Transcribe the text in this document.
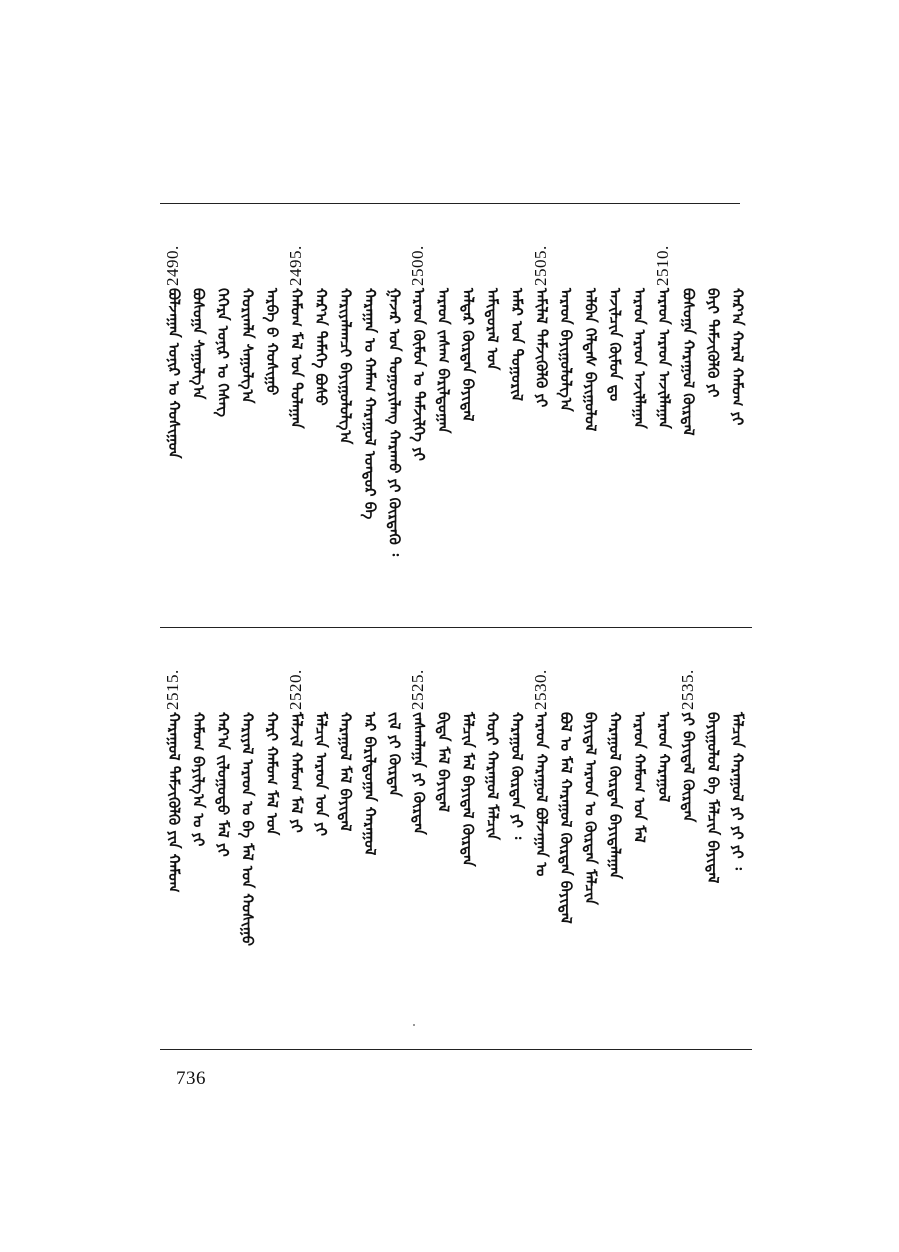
2490.
ᠪᠣᠯᠵᠠᠭᠠᠨ ᠣᠨᠢᠷ ᠤ ᠬᠣᠰᠢᠭᠤᠨ ᠪᠣᠰᠣᠭᠠ ᠰᠠᠭᠤᠯᠭ᠎ᠠ ᠬᠡᠭᠡᠷᠡ ᠣᠨᠢᠷ ᠤ ᠬᠡᠰᠡᠭ ᠬᠣᠷᠢᠭᠯᠠ ᠰᠠᠭᠤᠯᠭ᠎ᠠ ᠠᠷᠪᠠ ᠪ ᠬᠣᠰᠢᠭᠤ
2495.
ᠬᠠᠮᠤᠭ ᠮᠠᠯ ᠤᠨ ᠳᠤᠯᠠᠭᠠᠨ ᠬᠠᠷ᠎ᠠ ᠲᠡᠮᠡᠭᠡ ᠪᠣᠰᠤ ᠬᠠᠷᠢᠶᠠᠯᠠᠭᠴᠢ ᠪᠠᠶᠢᠭᠤᠯᠤᠯᠭ᠎ᠠ ᠬᠠᠷᠠᠭᠠᠨ ᠤ ᠬᠠᠮᠠᠭ ᠬᠠᠷᠠᠭᠤᠯ ᠤᠨᠳᠤᠷ ᠪᠠ ᠭᠠᠵᠠᠷ ᠤᠨ ᠳᠤᠭᠤᠶᠢᠯᠠᠩ ᠬᠠᠷᠠᠬᠤ ᠶᠢ ᠬᠦᠷᠳᠡᠬᠦ ᠄
2500.
ᠠᠷᠠᠳ ᠬᠦᠮᠦᠨ ᠤ ᠳᠡᠮᠵᠢᠯᠭᠡ ᠶᠢ ᠠᠷᠠᠳ ᠵᠠᠰᠠᠭ ᠪᠠᠷᠢᠯᠳᠤᠭᠠᠨ ᠠᠯᠳᠠᠷ ᠬᠦᠷᠳᠡᠨ ᠪᠠᠶᠢᠳᠠᠯ ᠠᠮᠢᠳᠤᠷᠠᠯ ᠤᠨ ᠠᠮᠠᠷ ᠤᠨ ᠲᠤᠭᠤᠷᠢᠯ
2505.
ᠠᠮᠢᠯᠠᠯ ᠳᠡᠮᠵᠢᠭᠦᠯᠬᠦ ᠶᠢ ᠠᠷᠠᠳ ᠪᠠᠶᠢᠭᠤᠯᠤᠯᠭ᠎ᠠ ᠠᠯᠪᠠᠨ ᠬᠡᠯᠲᠡᠰ ᠪᠠᠶᠢᠭᠤᠯᠤᠯ ᠠᠵᠢᠯᠴᠢᠨ ᠬᠦᠮᠦᠨ ᠳᠤ ᠠᠷᠠᠳ ᠠᠷᠠᠳ ᠠᠵᠢᠯᠯᠠᠭᠠᠨ
2510.
ᠠᠷᠠᠳ ᠠᠷᠠᠳ ᠠᠵᠢᠯᠯᠠᠭᠠᠨ ᠪᠣᠰᠣᠭᠠ ᠬᠠᠷᠠᠭᠤᠯ ᠬᠦᠷᠲᠡᠯ ᠪᠠᠶᠢ ᠳᠡᠮᠵᠢᠭᠦᠯᠬᠦ ᠶᠢ ᠬᠠᠷ᠎ᠠ ᠬᠠᠷᠠᠯ ᠬᠠᠮᠤᠭ ᠶᠢ
2515.
ᠬᠠᠷᠠᠭᠤᠯ ᠳᠡᠮᠵᠢᠭᠦᠯᠬᠦ ᠶᠢᠨ ᠬᠠᠮᠤᠭ ᠬᠠᠮᠤᠭ ᠪᠠᠶᠢᠯᠭ᠎ᠠ ᠤ ᠶᠢ ᠬᠠᠷ᠎ᠠ ᠵᠢᠯᠤᠭᠤᠳᠤ ᠮᠠᠯ ᠶᠢ ᠬᠠᠷᠢᠶᠠᠯ ᠠᠷᠠᠳ ᠤ ᠪᠠ ᠮᠠᠯ ᠤᠨ ᠬᠤᠰᠢᠭᠤ ᠬᠠᠷᠢ ᠬᠠᠮᠤᠭ ᠮᠠᠯ ᠤᠨ
2520.
ᠮᠠᠯᠵᠢᠯ ᠬᠠᠮᠤᠭ ᠮᠠᠯ ᠶᠢ ᠮᠠᠯᠴᠢᠨ ᠠᠷᠠᠳ ᠤᠨ ᠶᠢ ᠬᠠᠷᠠᠭᠤᠯ ᠮᠠᠯ ᠪᠠᠶᠢᠳᠠᠯ ᠠᠷ ᠪᠠᠷᠢᠯᠳᠤᠭᠠᠨ ᠬᠠᠷᠠᠭᠤᠯ ᠵᠢᠯ ᠶᠢ ᠬᠦᠷᠳᠡᠨ
2525.
ᠵᠠᠰᠠᠭᠯᠠᠭᠠ ᠶᠢ ᠬᠦᠷᠳᠡᠨ ᠪᠢᠳᠡ ᠮᠠᠯ ᠪᠠᠶᠢᠳᠠᠯ ᠮᠠᠯᠴᠢᠨ ᠮᠠᠯ ᠪᠠᠶᠢᠳᠠᠯ ᠬᠦᠷᠳᠡᠨ ᠬᠣᠷᠢ ᠬᠠᠷᠠᠭᠤᠯ ᠮᠠᠯᠴᠢᠨ ᠬᠠᠷᠠᠭᠤᠯ ᠬᠦᠷᠳᠡᠨ ᠶᠢ ᠄
2530.
ᠠᠷᠠᠳ ᠬᠠᠷᠠᠭᠤᠯ ᠪᠣᠯᠵᠠᠭᠠᠨ ᠤ ᠪᠣᠯ ᠤ ᠮᠠᠯ ᠬᠠᠷᠠᠭᠤᠯ ᠬᠦᠷᠳᠡᠨ ᠪᠠᠶᠢᠳᠠᠯ ᠪᠠᠶᠢᠳᠠᠯ ᠠᠷᠠᠳ ᠤ ᠬᠦᠷᠳᠡᠨ ᠮᠠᠯᠴᠢᠨ ᠬᠠᠷᠠᠭᠤᠯ ᠬᠦᠷᠳᠡᠨ ᠪᠠᠶᠢᠳᠠᠯᠠᠭᠠᠨ ᠠᠷᠠᠳ ᠬᠠᠮᠤᠭ ᠤᠨ ᠮᠠᠯ ᠠᠷᠠᠳ ᠬᠠᠷᠠᠭᠤᠯ
2535.
ᠶᠢ ᠪᠠᠶᠢᠳᠠᠯ ᠬᠦᠷᠳᠡᠨ ᠪᠠᠶᠢᠭᠤᠯᠤᠯ ᠪᠠ ᠮᠠᠯᠴᠢᠨ ᠪᠠᠶᠢᠳᠠᠯ ᠮᠠᠯᠴᠢᠨ ᠬᠠᠷᠠᠭᠤᠯ ᠶᠢ ᠶᠢ ᠶᠢ ᠄
736
